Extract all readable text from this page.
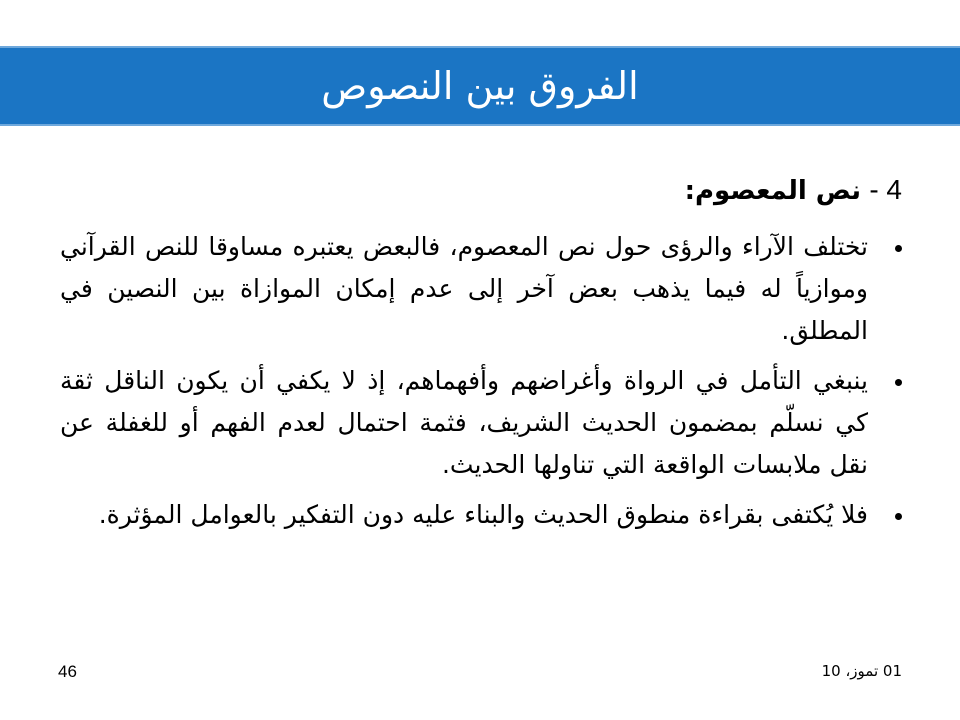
الفروق بين النصوص
4 - نص المعصوم:
تختلف الآراء والرؤى حول نص المعصوم، فالبعض يعتبره مساوقا للنص القرآني وموازياً له فيما يذهب بعض آخر إلى عدم إمكان الموازاة بين النصين في المطلق.
ينبغي التأمل في الرواة وأغراضهم وأفهماهم، إذ لا يكفي أن يكون الناقل ثقة كي نسلّم بمضمون الحديث الشريف، فثمة احتمال لعدم الفهم أو للغفلة عن نقل ملابسات الواقعة التي تناولها الحديث.
فلا يُكتفى بقراءة منطوق الحديث والبناء عليه دون التفكير بالعوامل المؤثرة.
01 تموز، 10
46
